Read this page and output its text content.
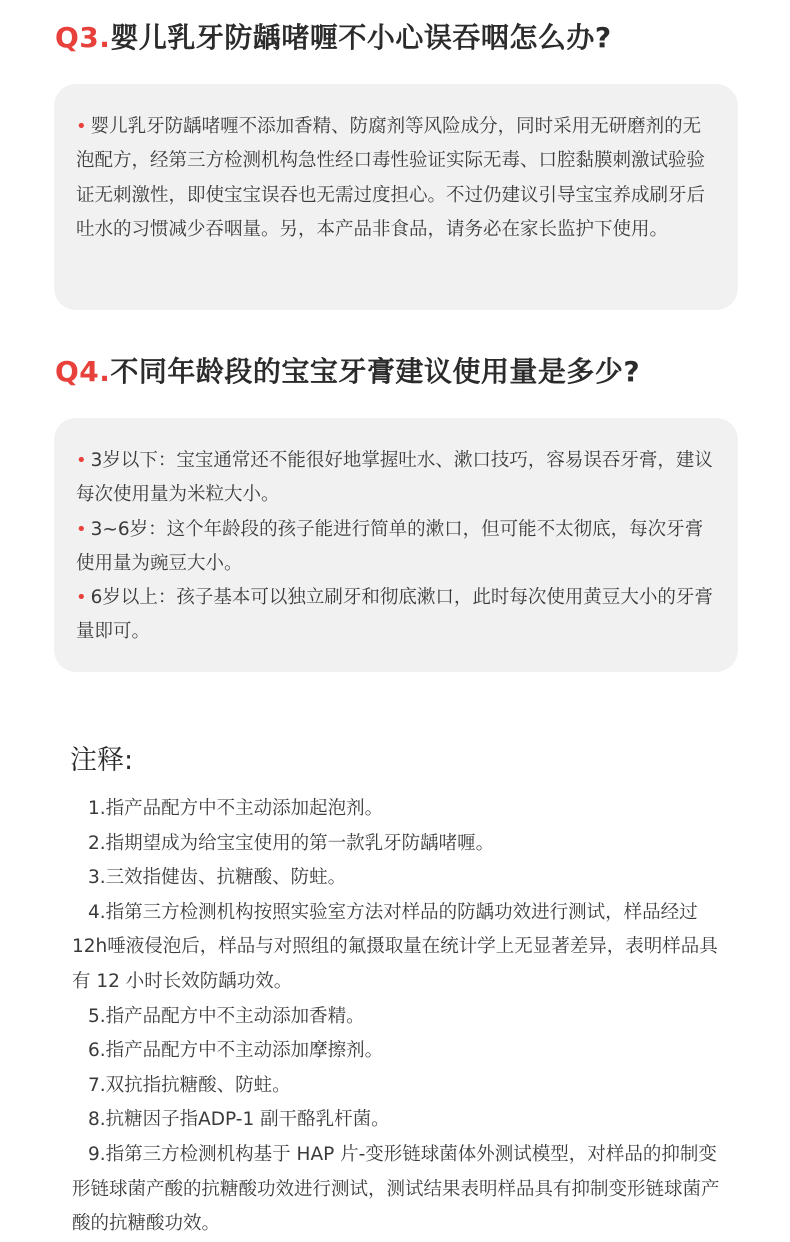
Q3.婴儿乳牙防龋啫喱不小心误吞咽怎么办?

• 婴儿乳牙防龋啫喱不添加香精、防腐剂等风险成分，同时采用无研磨剂的无泡配方，经第三方检测机构急性经口毒性验证实际无毒、口腔黏膜刺激试验验证无刺激性，即使宝宝误吞也无需过度担心。不过仍建议引导宝宝养成刷牙后吐水的习惯减少吞咽量。另，本产品非食品，请务必在家长监护下使用。

Q4.不同年龄段的宝宝牙膏建议使用量是多少?

• 3岁以下：宝宝通常还不能很好地掌握吐水、漱口技巧，容易误吞牙膏，建议每次使用量为米粒大小。

• 3~6岁：这个年龄段的孩子能进行简单的漱口，但可能不太彻底，每次牙膏使用量为豌豆大小。

• 6岁以上：孩子基本可以独立刷牙和彻底漱口，此时每次使用黄豆大小的牙膏量即可。

注释:

1.指产品配方中不主动添加起泡剂。

2.指期望成为给宝宝使用的第一款乳牙防龋啫喱。

3.三效指健齿、抗糖酸、防蛀。

4.指第三方检测机构按照实验室方法对样品的防龋功效进行测试，样品经过12h唾液侵泡后，样品与对照组的氟摄取量在统计学上无显著差异，表明样品具有 12 小时长效防龋功效。

5.指产品配方中不主动添加香精。

6.指产品配方中不主动添加摩擦剂。

7.双抗指抗糖酸、防蛀。

8.抗糖因子指ADP-1 副干酪乳杆菌。

9.指第三方检测机构基于 HAP 片-变形链球菌体外测试模型，对样品的抑制变形链球菌产酸的抗糖酸功效进行测试，测试结果表明样品具有抑制变形链球菌产酸的抗糖酸功效。
